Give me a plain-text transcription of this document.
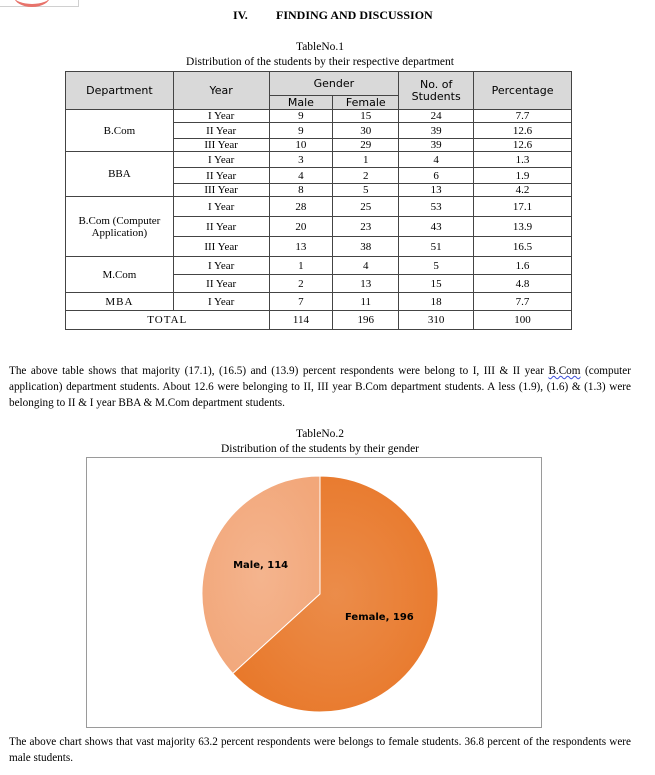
IV. FINDING AND DISCUSSION
TableNo.1
Distribution of the students by their respective department
Department	Year	Gender		No. of Students	Percentage
		Male	Female		
B.Com	I Year	9	15	24	7.7
	II Year	9	30	39	12.6
	III Year	10	29	39	12.6
BBA	I Year	3	1	4	1.3
	II Year	4	2	6	1.9
	III Year	8	5	13	4.2
B.Com (Computer Application)	I Year	28	25	53	17.1
	II Year	20	23	43	13.9
	III Year	13	38	51	16.5
M.Com	I Year	1	4	5	1.6
	II Year	2	13	15	4.8
MBA	I Year	7	11	18	7.7
TOTAL		114	196	310	100
The above table shows that majority (17.1), (16.5) and (13.9) percent respondents were belong to I, III & II year B.Com (computer application) department students. About 12.6 were belonging to II, III year B.Com department students. A less (1.9), (1.6) & (1.3) were belonging to II & I year BBA & M.Com department students.
TableNo.2
Distribution of the students by their gender
Male, 114
Female, 196
The above chart shows that vast majority 63.2 percent respondents were belongs to female students. 36.8 percent of the respondents were male students.
